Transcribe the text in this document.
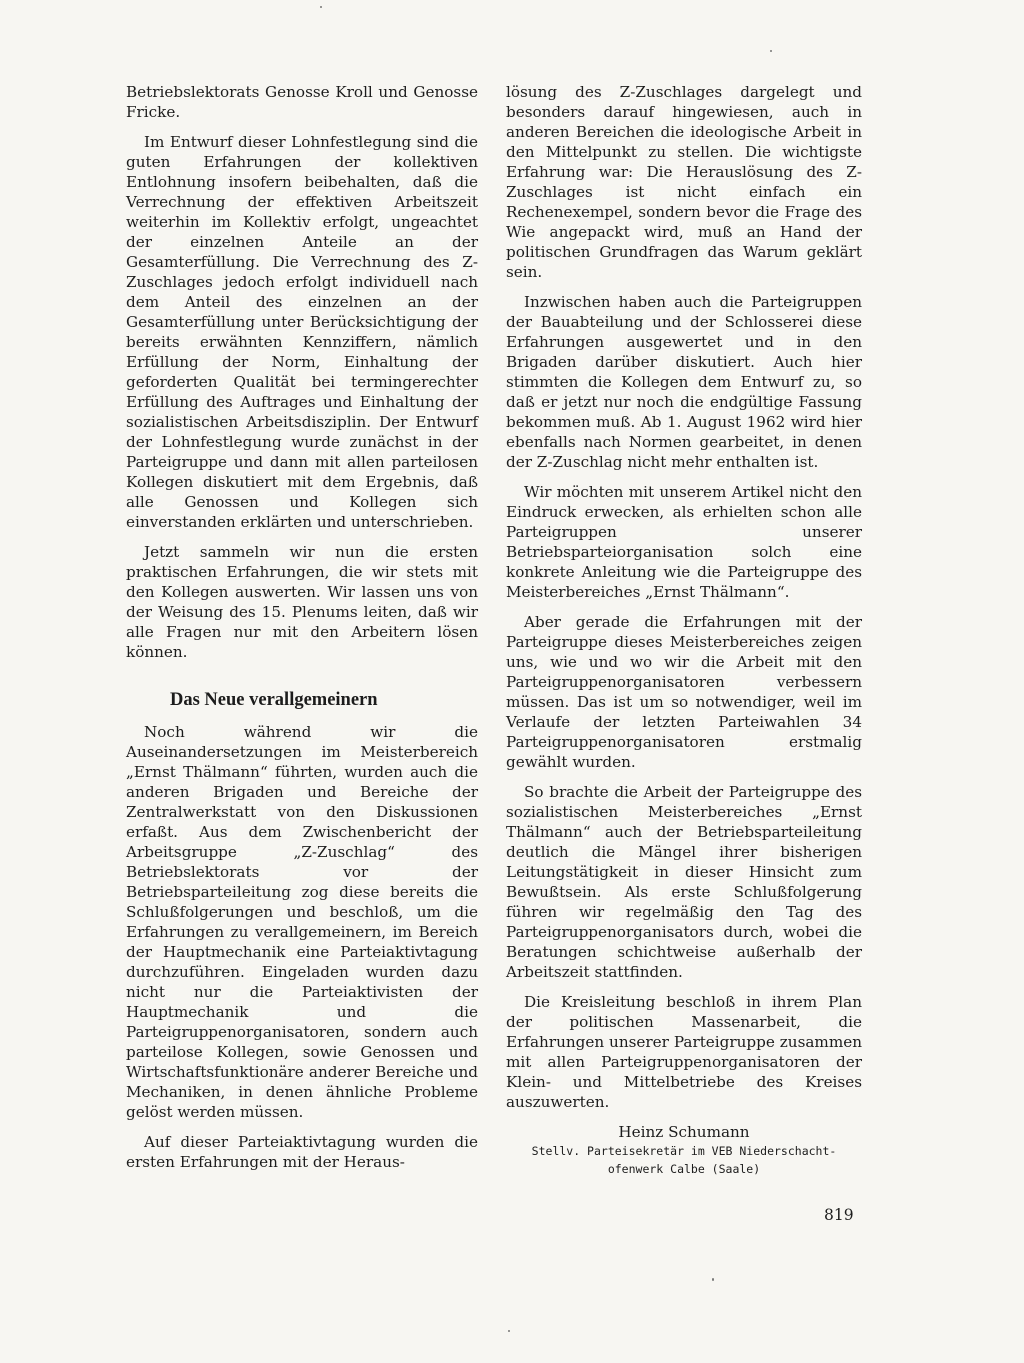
Betriebslektorats Genosse Kroll und Genosse Fricke.

Im Entwurf dieser Lohnfestlegung sind die guten Erfahrungen der kollektiven Entlohnung insofern beibehalten, daß die Verrechnung der effektiven Arbeitszeit weiterhin im Kollektiv erfolgt, ungeachtet der einzelnen Anteile an der Gesamterfüllung. Die Verrechnung des Z-Zuschlages jedoch erfolgt individuell nach dem Anteil des einzelnen an der Gesamterfüllung unter Berücksichtigung der bereits erwähnten Kennziffern, nämlich Erfüllung der Norm, Einhaltung der geforderten Qualität bei termingerechter Erfüllung des Auftrages und Einhaltung der sozialistischen Arbeitsdisziplin. Der Entwurf der Lohnfestlegung wurde zunächst in der Parteigruppe und dann mit allen parteilosen Kollegen diskutiert mit dem Ergebnis, daß alle Genossen und Kollegen sich einverstanden erklärten und unterschrieben.

Jetzt sammeln wir nun die ersten praktischen Erfahrungen, die wir stets mit den Kollegen auswerten. Wir lassen uns von der Weisung des 15. Plenums leiten, daß wir alle Fragen nur mit den Arbeitern lösen können.

Das Neue verallgemeinern

Noch während wir die Auseinandersetzungen im Meisterbereich „Ernst Thälmann“ führten, wurden auch die anderen Brigaden und Bereiche der Zentralwerkstatt von den Diskussionen erfaßt. Aus dem Zwischenbericht der Arbeitsgruppe „Z-Zuschlag“ des Betriebslektorats vor der Betriebsparteileitung zog diese bereits die Schlußfolgerungen und beschloß, um die Erfahrungen zu verallgemeinern, im Bereich der Hauptmechanik eine Parteiaktivtagung durchzuführen. Eingeladen wurden dazu nicht nur die Parteiaktivisten der Hauptmechanik und die Parteigruppenorganisatoren, sondern auch parteilose Kollegen, sowie Genossen und Wirtschaftsfunktionäre anderer Bereiche und Mechaniken, in denen ähnliche Probleme gelöst werden müssen.

Auf dieser Parteiaktivtagung wurden die ersten Erfahrungen mit der Heraus-

lösung des Z-Zuschlages dargelegt und besonders darauf hingewiesen, auch in anderen Bereichen die ideologische Arbeit in den Mittelpunkt zu stellen. Die wichtigste Erfahrung war: Die Herauslösung des Z-Zuschlages ist nicht einfach ein Rechenexempel, sondern bevor die Frage des Wie angepackt wird, muß an Hand der politischen Grundfragen das Warum geklärt sein.

Inzwischen haben auch die Parteigruppen der Bauabteilung und der Schlosserei diese Erfahrungen ausgewertet und in den Brigaden darüber diskutiert. Auch hier stimmten die Kollegen dem Entwurf zu, so daß er jetzt nur noch die endgültige Fassung bekommen muß. Ab 1. August 1962 wird hier ebenfalls nach Normen gearbeitet, in denen der Z-Zuschlag nicht mehr enthalten ist.

Wir möchten mit unserem Artikel nicht den Eindruck erwecken, als erhielten schon alle Parteigruppen unserer Betriebsparteiorganisation solch eine konkrete Anleitung wie die Parteigruppe des Meisterbereiches „Ernst Thälmann“.

Aber gerade die Erfahrungen mit der Parteigruppe dieses Meisterbereiches zeigen uns, wie und wo wir die Arbeit mit den Parteigruppenorganisatoren verbessern müssen. Das ist um so notwendiger, weil im Verlaufe der letzten Parteiwahlen 34 Parteigruppenorganisatoren erstmalig gewählt wurden.

So brachte die Arbeit der Parteigruppe des sozialistischen Meisterbereiches „Ernst Thälmann“ auch der Betriebsparteileitung deutlich die Mängel ihrer bisherigen Leitungstätigkeit in dieser Hinsicht zum Bewußtsein. Als erste Schlußfolgerung führen wir regelmäßig den Tag des Parteigruppenorganisators durch, wobei die Beratungen schichtweise außerhalb der Arbeitszeit stattfinden.

Die Kreisleitung beschloß in ihrem Plan der politischen Massenarbeit, die Erfahrungen unserer Parteigruppe zusammen mit allen Parteigruppenorganisatoren der Klein- und Mittelbetriebe des Kreises auszuwerten.

Heinz Schumann
Stellv. Parteisekretär im VEB Niederschacht-
ofenwerk Calbe (Saale)
819
